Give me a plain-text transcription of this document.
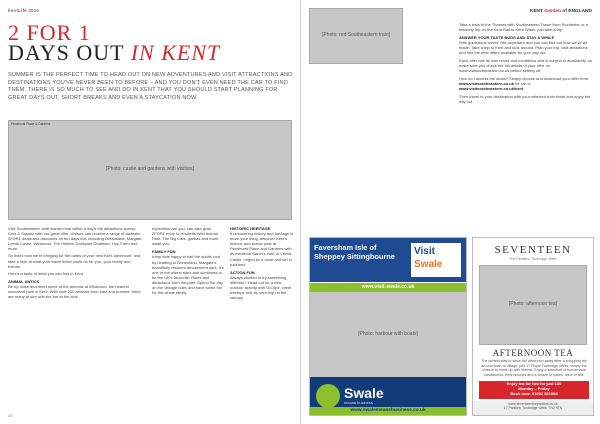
kentLife 2016
2 FOR 1
DAYS OUT IN KENT
SUMMER IS THE PERFECT TIME TO HEAD OUT ON NEW ADVENTURES AND VISIT ATTRACTIONS AND DESTINATIONS YOU'VE NEVER BEEN TO BEFORE – AND YOU DON'T EVEN NEED THE CAR TO FIND THEM. THERE IS SO MUCH TO SEE AND DO IN KENT THAT YOU SHOULD START PLANNING FOR GREAT DAYS OUT, SHORT BREAKS AND EVEN A STAYCATION NOW.
[Photo: castle and gardens with visitors]
Penshurst Place & Gardens

Visit Southeastern staff learned that within a day's trip attractions across Kent & Sussex with our great offer. Visitors can receive a range of fantastic 2FOR1 deals and discounts on fun days out, including Dreamland, Margate, Leeds Castle, Wildwood, The Historic Dockyard Chatham, Hop Farm and more.

So that's how we're bringing for the dates of your next Kent adventure, and take a look at what your travel ticket could do for you, your family and friends.

Here's a taste of what you can find in Kent.

ANIMAL ANTICS

Be up close and meet some of the animals at Wildwood, the nearest woodland park in Kent. With over 200 animals from past and present, there are many to see with the fun at the kids.

expedition are you, can also grab 2FOR1 entry to Howletts Wild Animal Park. The Big Cats, gorillas and more await you.

FAMILY FUN

Keep kids happy in half the adults cost by heading to Dreamland, Margate's beautifully restored amusement park. It's one of the oldest rides and continues to be the UK's favourite. Rides and attractions from the past. Spend the day on the vintage rides and have some fun for the whole family.

HISTORIC HERITAGE

If uncovering history and heritage is more your thing, discover Kent's historic and scenic past at Penshurst Place and Gardens with its medieval Baron's Hall, or Leeds Castle, ringed by a moat and set in parkland.

ACTION FUN

Always wanted to try something different? Head out for a new outdoor activity with Go Ape, climb treetops and zip wire high in the canopy.

20
[Photo: red Southeastern train]
KENT Garden of ENGLAND

Take a train to the Thames with Southeastern Travel from Rochester or a leisurely trip on the Kent Rail to Kent Water, just take a trip.

ANSWER YOUR TASTE BUDS AND STAY A WHILE

With guidebook lovers' hits anywhere and you can find out how we've all made. Take a trip to Kent and look around. Plan your trip, visit attractions and find the best offers available for your day out.

Each offer has its own terms and conditions and is subject to availability, so make sure you check the full details of your offer on www.visitsoutheastern.co.uk before setting off.

How do I access the deals? Simply choose and download your offer from www.visitsoutheastern.co.uk for rail or www.visitsoutheastern.co.uk/kent

Then travel to your destination with your selected train ticket and enjoy the day out.

Faversham Isle of Sheppey Sittingbourne	Visit
Swale
www.visit-swale.co.uk
[Photo: harbour with boats]
Swale
means business
www.swalemeansbusiness.co.uk
SEVENTEEN
The Pantiles, Tunbridge Wells
[Photo: afternoon tea]
AFTERNOON TEA
The perfect way to while the afternoon away after a shopping trip around town or village, join 17 Royal Tunbridge Wells, simply the chance to meet up with friends. Enjoy a selection of homemade sandwiches, fresh scones and a choice of cakes, wine or tea.
Enjoy tea for two for just £30
Monday – Friday
Book now: 01892 521808
www.seventeenthepantiles.co.uk
17 Pantiles, Tunbridge Wells, TN2 5TN
